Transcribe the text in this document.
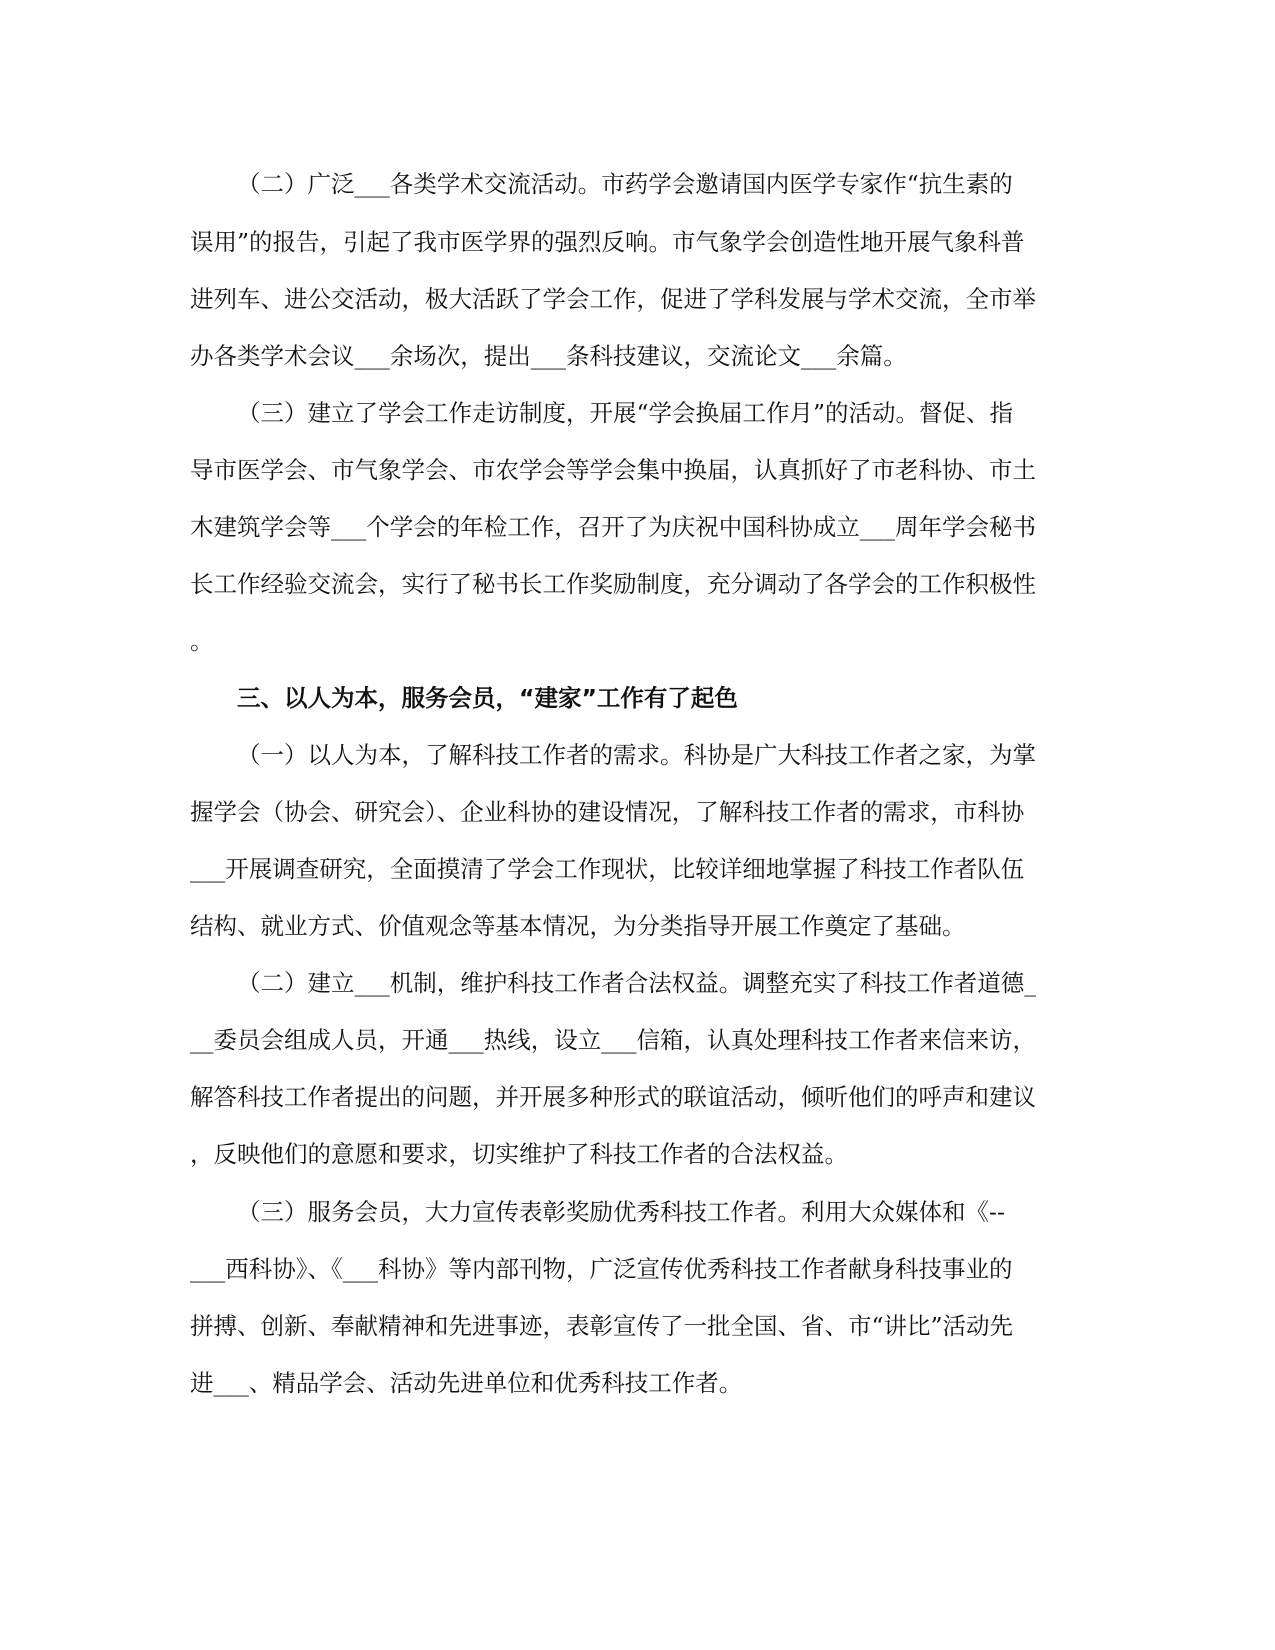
（二）广泛___各类学术交流活动。市药学会邀请国内医学专家作“抗生素的
误用”的报告，引起了我市医学界的强烈反响。市气象学会创造性地开展气象科普
进列车、进公交活动，极大活跃了学会工作，促进了学科发展与学术交流，全市举
办各类学术会议___余场次，提出___条科技建议，交流论文___余篇。
（三）建立了学会工作走访制度，开展“学会换届工作月”的活动。督促、指
导市医学会、市气象学会、市农学会等学会集中换届，认真抓好了市老科协、市土
木建筑学会等___个学会的年检工作，召开了为庆祝中国科协成立___周年学会秘书
长工作经验交流会，实行了秘书长工作奖励制度，充分调动了各学会的工作积极性
。
三、以人为本，服务会员，“建家”工作有了起色
（一）以人为本，了解科技工作者的需求。科协是广大科技工作者之家，为掌
握学会（协会、研究会）、企业科协的建设情况，了解科技工作者的需求，市科协
___开展调查研究，全面摸清了学会工作现状，比较详细地掌握了科技工作者队伍
结构、就业方式、价值观念等基本情况，为分类指导开展工作奠定了基础。
（二）建立___机制，维护科技工作者合法权益。调整充实了科技工作者道德_
__委员会组成人员，开通___热线，设立___信箱，认真处理科技工作者来信来访，
解答科技工作者提出的问题，并开展多种形式的联谊活动，倾听他们的呼声和建议
，反映他们的意愿和要求，切实维护了科技工作者的合法权益。
（三）服务会员，大力宣传表彰奖励优秀科技工作者。利用大众媒体和《--
___西科协》、《___科协》等内部刊物，广泛宣传优秀科技工作者献身科技事业的
拼搏、创新、奉献精神和先进事迹，表彰宣传了一批全国、省、市“讲比”活动先
进___、精品学会、活动先进单位和优秀科技工作者。
